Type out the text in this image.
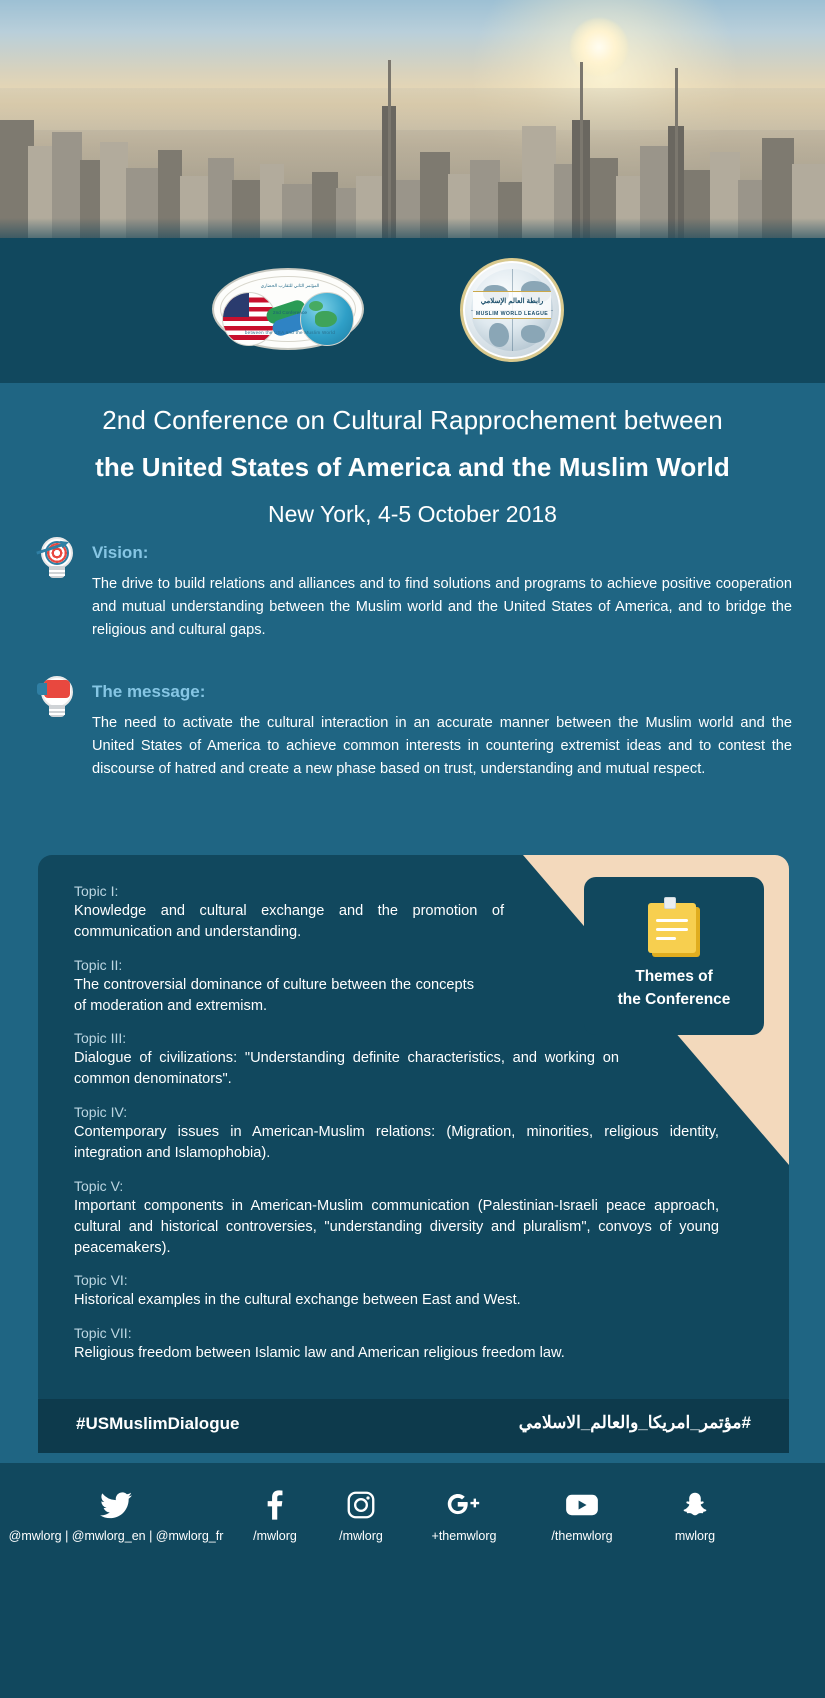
المؤتمر الثاني للتقارب الحضاري
2nd Conference
between the USA and the Muslim World
رابطة العالم الإسلامي
MUSLIM WORLD LEAGUE
2nd Conference on Cultural Rapprochement between
the United States of America and the Muslim World
New York, 4-5 October 2018
Vision:
The drive to build relations and alliances and to find solutions and programs to achieve positive cooperation and mutual understanding between the Muslim world and the United States of America, and to bridge the religious and cultural gaps.
The message:
The need to activate the cultural interaction in an accurate manner between the Muslim world and the United States of America to achieve common interests in countering extremist ideas and to contest the discourse of hatred and create a new phase based on trust, understanding and mutual respect.
Themes of
the Conference
Topic I:
Knowledge and cultural exchange and the promotion of communication and understanding.
Topic II:
The controversial dominance of culture between the concepts of moderation and extremism.
Topic III:
Dialogue of civilizations: "Understanding definite characteristics, and working on common denominators".
Topic IV:
Contemporary issues in American-Muslim relations: (Migration, minorities, religious identity, integration and Islamophobia).
Topic V:
Important components in American-Muslim communication (Palestinian-Israeli peace approach, cultural and historical controversies, "understanding diversity and pluralism", convoys of young peacemakers).
Topic VI:
Historical examples in the cultural exchange between East and West.
Topic VII:
Religious freedom between Islamic law and American religious freedom law.
#USMuslimDialogue	#مؤتمر_امريكا_والعالم_الاسلامي
@mwlorg | @mwlorg_en | @mwlorg_fr	/mwlorg	/mwlorg	+themwlorg	/themwlorg	mwlorg
